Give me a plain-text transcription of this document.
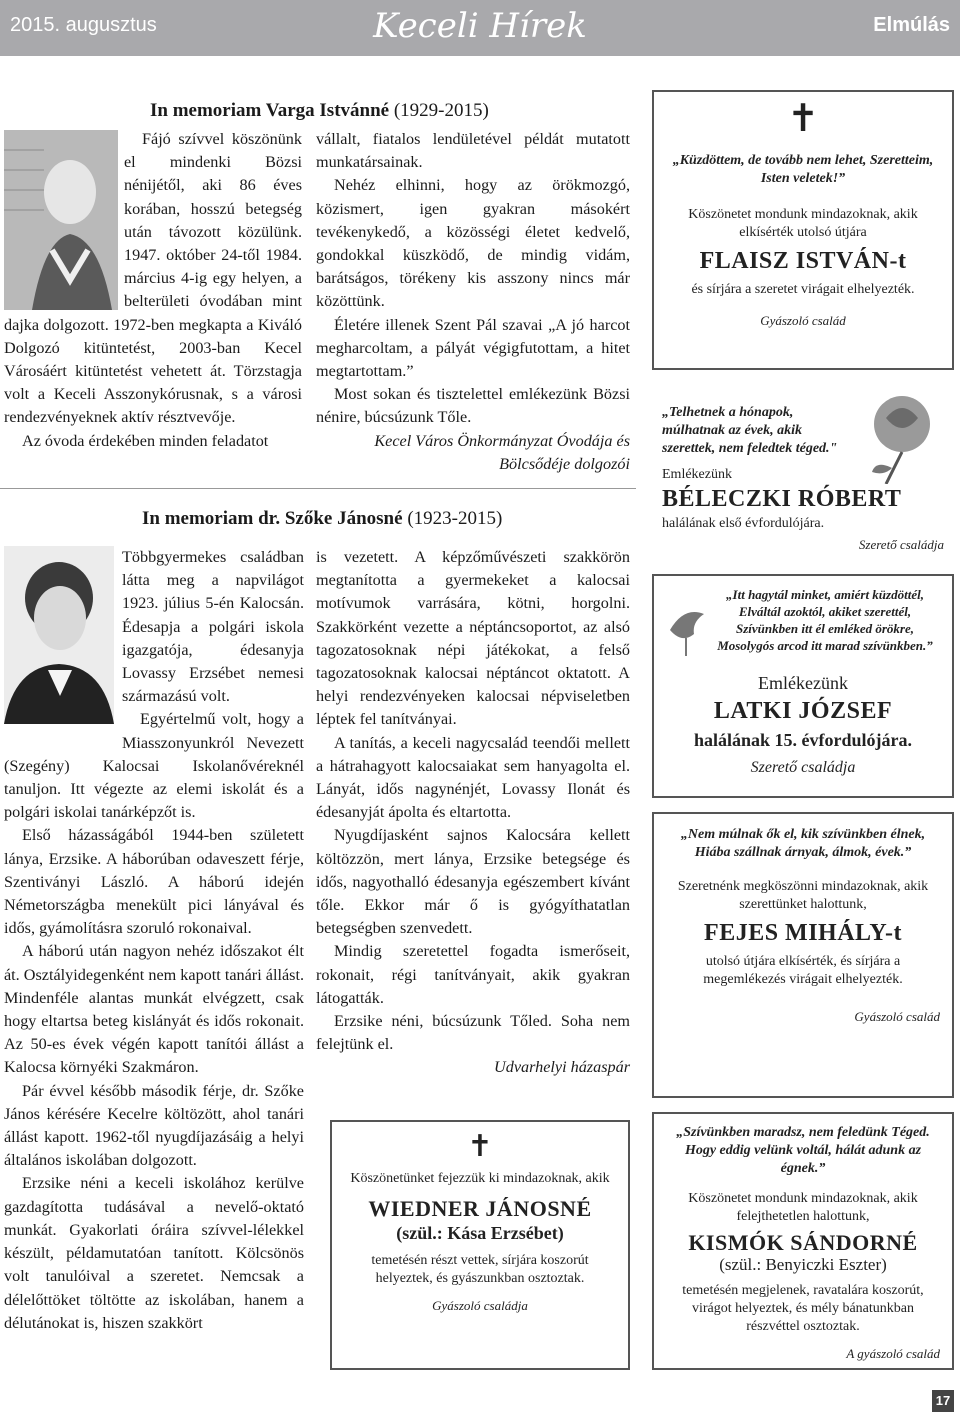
2015. augusztus	Keceli Hírek	Elmúlás
In memoriam Varga Istvánné (1929-2015)

Fájó szívvel köszönünk el mindenki Bözsi nénijétől, aki 86 éves korában, hosszú betegség után távozott közülünk. 1947. október 24-től 1984. március 4-ig egy helyen, a belterületi óvodában mint dajka dolgozott. 1972-ben megkapta a Kiváló Dolgozó kitüntetést, 2003-ban Kecel Városáért kitüntetést vehetett át. Törzstagja volt a Keceli Asszonykórusnak, s a városi rendezvényeknek aktív résztvevője.

Az óvoda érdekében minden feladatot

vállalt, fiatalos lendületével példát mutatott munkatársainak.

Nehéz elhinni, hogy az örökmozgó, közismert, igen gyakran másokért tevékenykedő, a közösségi életet kedvelő, gondokkal küszködő, de mindig vidám, barátságos, törékeny kis asszony nincs már közöttünk.

Életére illenek Szent Pál szavai „A jó harcot megharcoltam, a pályát végigfutottam, a hitet megtartottam.”

Most sokan és tisztelettel emlékezünk Bözsi nénire, búcsúzunk Tőle.

Kecel Város Önkormányzat Óvodája és Bölcsődéje dolgozói

In memoriam dr. Szőke Jánosné (1923-2015)

Többgyermekes családban látta meg a napvilágot 1923. július 5-én Kalocsán. Édesapja a polgári iskola igazgatója, édesanyja Lovassy Erzsébet nemesi származású volt.

Egyértelmű volt, hogy a Miasszonyunkról Nevezett (Szegény) Kalocsai Iskolanővéreknél tanuljon. Itt végezte az elemi iskolát és a polgári iskolai tanárképzőt is.

Első házasságából 1944-ben született lánya, Erzsike. A háborúban odaveszett férje, Szentiványi László. A háború idején Németországba menekült pici lányával és idős, gyámolításra szoruló rokonaival.

A háború után nagyon nehéz időszakot élt át. Osztályidegenként nem kapott tanári állást. Mindenféle alantas munkát elvégzett, csak hogy eltartsa beteg kislányát és idős rokonait. Az 50-es évek végén kapott tanítói állást a Kalocsa környéki Szakmáron.

Pár évvel később második férje, dr. Szőke János kérésére Kecelre költözött, ahol tanári állást kapott. 1962-től nyugdíjazásáig a helyi általános iskolában dolgozott.

Erzsike néni a keceli iskolához kerülve gazdagította tudásával a nevelő-oktató munkát. Gyakorlati óráira szívvel-lélekkel készült, példamutatóan tanított. Kölcsönös volt tanulóival a szeretet. Nemcsak a délelőttöket töltötte az iskolában, hanem a délutánokat is, hiszen szakkört

is vezetett. A képzőművészeti szakkörön megtanította a gyermekeket a kalocsai motívumok varrására, kötni, horgolni. Szakkörként vezette a néptáncsoportot, az alsó tagozatosoknak népi játékokat, a felső tagozatosoknak kalocsai néptáncot oktatott. A helyi rendezvényeken kalocsai népviseletben léptek fel tanítványai.

A tanítás, a keceli nagycsalád teendői mellett a hátrahagyott kalocsaiakat sem hanyagolta el. Lányát, idős nagynénjét, Lovassy Ilonát és édesanyját ápolta és eltartotta.

Nyugdíjasként sajnos Kalocsára kellett költözzön, mert lánya, Erzsike betegsége és idős, nagyothalló édesanyja egészembert kívánt tőle. Ekkor már ő is gyógyíthatatlan betegségben szenvedett.

Mindig szeretettel fogadta ismerőseit, rokonait, régi tanítványait, akik gyakran látogatták.

Erzsike néni, búcsúzunk Tőled. Soha nem felejtünk el.

Udvarhelyi házaspár

✝
„Küzdöttem, de tovább nem lehet, Szeretteim, Isten veletek!”
Köszönetet mondunk mindazoknak, akik elkísérték utolsó útjára
FLAISZ ISTVÁN-t
és sírjára a szeretet virágait elhelyezték.
Gyászoló család
„Telhetnek a hónapok, múlhatnak az évek, akik szerettek, nem feledtek téged."
Emlékezünk
BÉLECZKI RÓBERT
halálának első évfordulójára.
Szerető családja
„Itt hagytál minket, amiért küzdöttél, Elváltál azoktól, akiket szerettél, Szívünkben itt él emléked örökre, Mosolygós arcod itt marad szívünkben.”
Emlékezünk
LATKI JÓZSEF
halálának 15. évfordulójára.
Szerető családja
„Nem múlnak ők el, kik szívünkben élnek, Hiába szállnak árnyak, álmok, évek.”
Szeretnénk megköszönni mindazoknak, akik szerettünket halottunk,
FEJES MIHÁLY-t
utolsó útjára elkísérték, és sírjára a megemlékezés virágait elhelyezték.
Gyászoló család
✝
Köszönetünket fejezzük ki mindazoknak, akik
WIEDNER JÁNOSNÉ
(szül.: Kása Erzsébet)
temetésén részt vettek, sírjára koszorút helyeztek, és gyászunkban osztoztak.
Gyászoló családja
„Szívünkben maradsz, nem feledünk Téged. Hogy eddig velünk voltál, hálát adunk az égnek.”
Köszönetet mondunk mindazoknak, akik felejthetetlen halottunk,
KISMÓK SÁNDORNÉ
(szül.: Benyiczki Eszter)
temetésén megjelenek, ravatalára koszorút, virágot helyeztek, és mély bánatunkban részvéttel osztoztak.
A gyászoló család
17
